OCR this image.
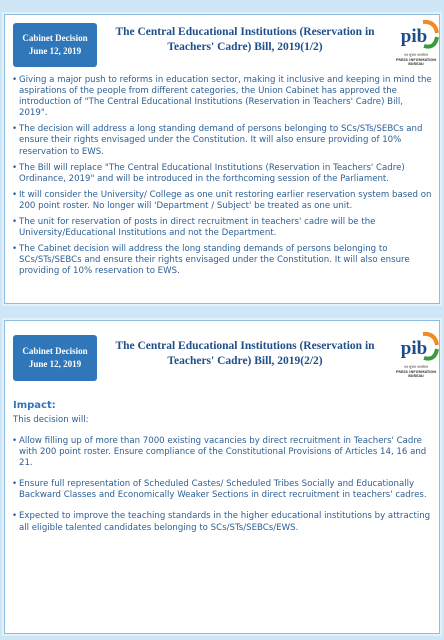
Cabinet Decision
June 12, 2019
The Central Educational Institutions (Reservation in
Teachers' Cadre) Bill, 2019(1/2)	pib
पत्र सूचना कार्यालय
PRESS INFORMATION BUREAU
• Giving a major push to reforms in education sector, making it inclusive and keeping in mind the aspirations of the people from different categories, the Union Cabinet has approved the introduction of "The Central Educational Institutions (Reservation in Teachers' Cadre) Bill, 2019".
• The decision will address a long standing demand of persons belonging to SCs/STs/SEBCs and ensure their rights envisaged under the Constitution. It will also ensure providing of 10% reservation to EWS.
• The Bill will replace "The Central Educational Institutions (Reservation in Teachers' Cadre) Ordinance, 2019" and will be introduced in the forthcoming session of the Parliament.
• It will consider the University/ College as one unit restoring earlier reservation system based on 200 point roster. No longer will 'Department / Subject' be treated as one unit.
• The unit for reservation of posts in direct recruitment in teachers' cadre will be the University/Educational Institutions and not the Department.
• The Cabinet decision will address the long standing demands of persons belonging to SCs/STs/SEBCs and ensure their rights envisaged under the Constitution. It will also ensure providing of 10% reservation to EWS.
Cabinet Decision
June 12, 2019
The Central Educational Institutions (Reservation in
Teachers' Cadre) Bill, 2019(2/2)
pib
पत्र सूचना कार्यालय
PRESS INFORMATION BUREAU
Impact:
This decision will:
• Allow filling up of more than 7000 existing vacancies by direct recruitment in Teachers' Cadre with 200 point roster. Ensure compliance of the Constitutional Provisions of Articles 14, 16 and 21.
• Ensure full representation of Scheduled Castes/ Scheduled Tribes Socially and Educationally Backward Classes and Economically Weaker Sections in direct recruitment in teachers' cadres.
• Expected to improve the teaching standards in the higher educational institutions by attracting all eligible talented candidates belonging to SCs/STs/SEBCs/EWS.
